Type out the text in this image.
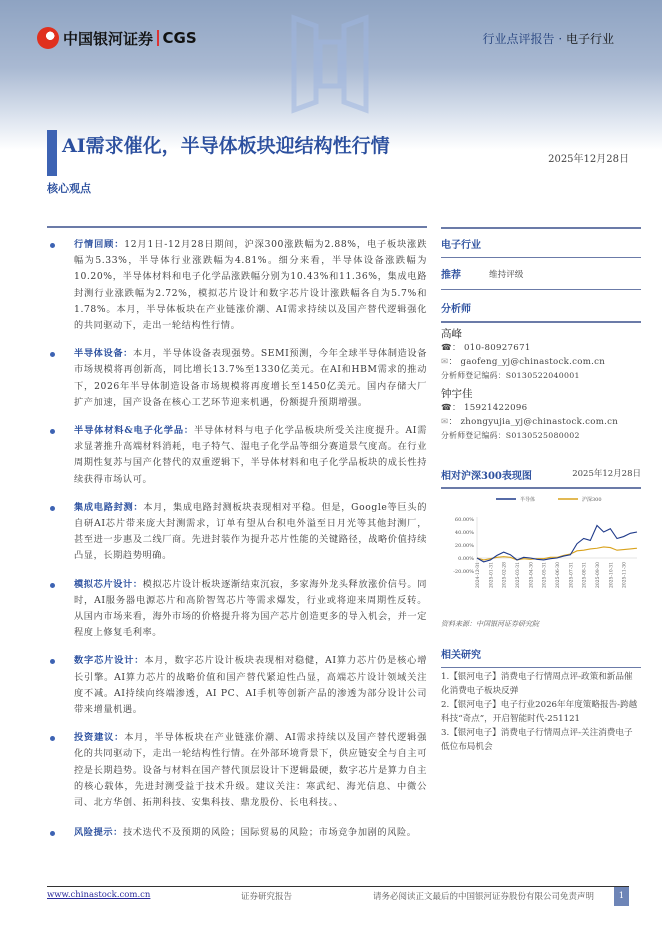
中国银河证券 CGS	行业点评报告 · 电子行业
AI需求催化，半导体板块迎结构性行情
2025年12月28日
核心观点
行情回顾：12月1日-12月28日期间，沪深300涨跌幅为2.88%，电子板块涨跌幅为5.33%，半导体行业涨跌幅为4.81%。细分来看，半导体设备涨跌幅为10.20%，半导体材料和电子化学品涨跌幅分别为10.43%和11.36%，集成电路封测行业涨跌幅为2.72%，模拟芯片设计和数字芯片设计涨跌幅各自为5.7%和1.78%。本月，半导体板块在产业链涨价潮、AI需求持续以及国产替代逻辑强化的共同驱动下，走出一轮结构性行情。
半导体设备：本月，半导体设备表现强势。SEMI预测，今年全球半导体制造设备市场规模将再创新高，同比增长13.7%至1330亿美元。在AI和HBM需求的推动下，2026年半导体制造设备市场规模将再度增长至1450亿美元。国内存储大厂扩产加速，国产设备在核心工艺环节迎来机遇，份额提升预期增强。
半导体材料&电子化学品：半导体材料与电子化学品板块所受关注度提升。AI需求显著推升高端材料消耗，电子特气、湿电子化学品等细分赛道景气度高。在行业周期性复苏与国产化替代的双重逻辑下，半导体材料和电子化学品板块的成长性持续获得市场认可。
集成电路封测：本月，集成电路封测板块表现相对平稳。但是，Google等巨头的自研AI芯片带来庞大封测需求，订单有望从台积电外溢至日月光等其他封测厂，甚至进一步惠及二线厂商。先进封装作为提升芯片性能的关键路径，战略价值持续凸显，长期趋势明确。
模拟芯片设计：模拟芯片设计板块逐渐结束沉寂，多家海外龙头释放涨价信号。同时，AI服务器电源芯片和高阶智驾芯片等需求爆发，行业或将迎来周期性反转。从国内市场来看，海外市场的价格提升将为国产芯片创造更多的导入机会，并一定程度上修复毛利率。
数字芯片设计：本月，数字芯片设计板块表现相对稳健，AI算力芯片仍是核心增长引擎。AI算力芯片的战略价值和国产替代紧迫性凸显，高端芯片设计领域关注度不减。AI持续向终端渗透，AI PC、AI手机等创新产品的渗透为部分设计公司带来增量机遇。
投资建议：本月，半导体板块在产业链涨价潮、AI需求持续以及国产替代逻辑强化的共同驱动下，走出一轮结构性行情。在外部环境背景下，供应链安全与自主可控是长期趋势。设备与材料在国产替代顶层设计下逻辑最硬，数字芯片是算力自主的核心载体，先进封测受益于技术升级。建议关注：寒武纪、海光信息、中微公司、北方华创、拓荆科技、安集科技、鼎龙股份、长电科技。、
风险提示：技术迭代不及预期的风险；国际贸易的风险；市场竞争加剧的风险。
电子行业
推荐	维持评级
分析师
高峰
☎： 010-80927671
✉： gaofeng_yj@chinastock.com.cn
分析师登记编码：S0130522040001
钟宇佳
☎： 15921422096
✉： zhongyujia_yj@chinastock.com.cn
分析师登记编码：S0130525080002
相对沪深300表现图	2025年12月28日
半导体	沪深300
60.00%
40.00%
20.00%
0.00%
-20.00% 2024-12-31 2025-01-31 2025-02-28 2025-03-31 2025-04-30 2025-05-31 2025-06-30 2025-07-31 2025-08-31 2025-09-30 2025-10-31 2025-11-30
资料来源：中国银河证券研究院
相关研究
1.【银河电子】消费电子行情周点评-政策和新品催化消费电子板块反弹
2.【银河电子】电子行业2026年年度策略报告-跨越科技“奇点”，开启智能时代-251121
3.【银河电子】消费电子行情周点评-关注消费电子低位布局机会
www.chinastock.com.cn	证券研究报告	请务必阅读正文最后的中国银河证券股份有限公司免责声明	1
